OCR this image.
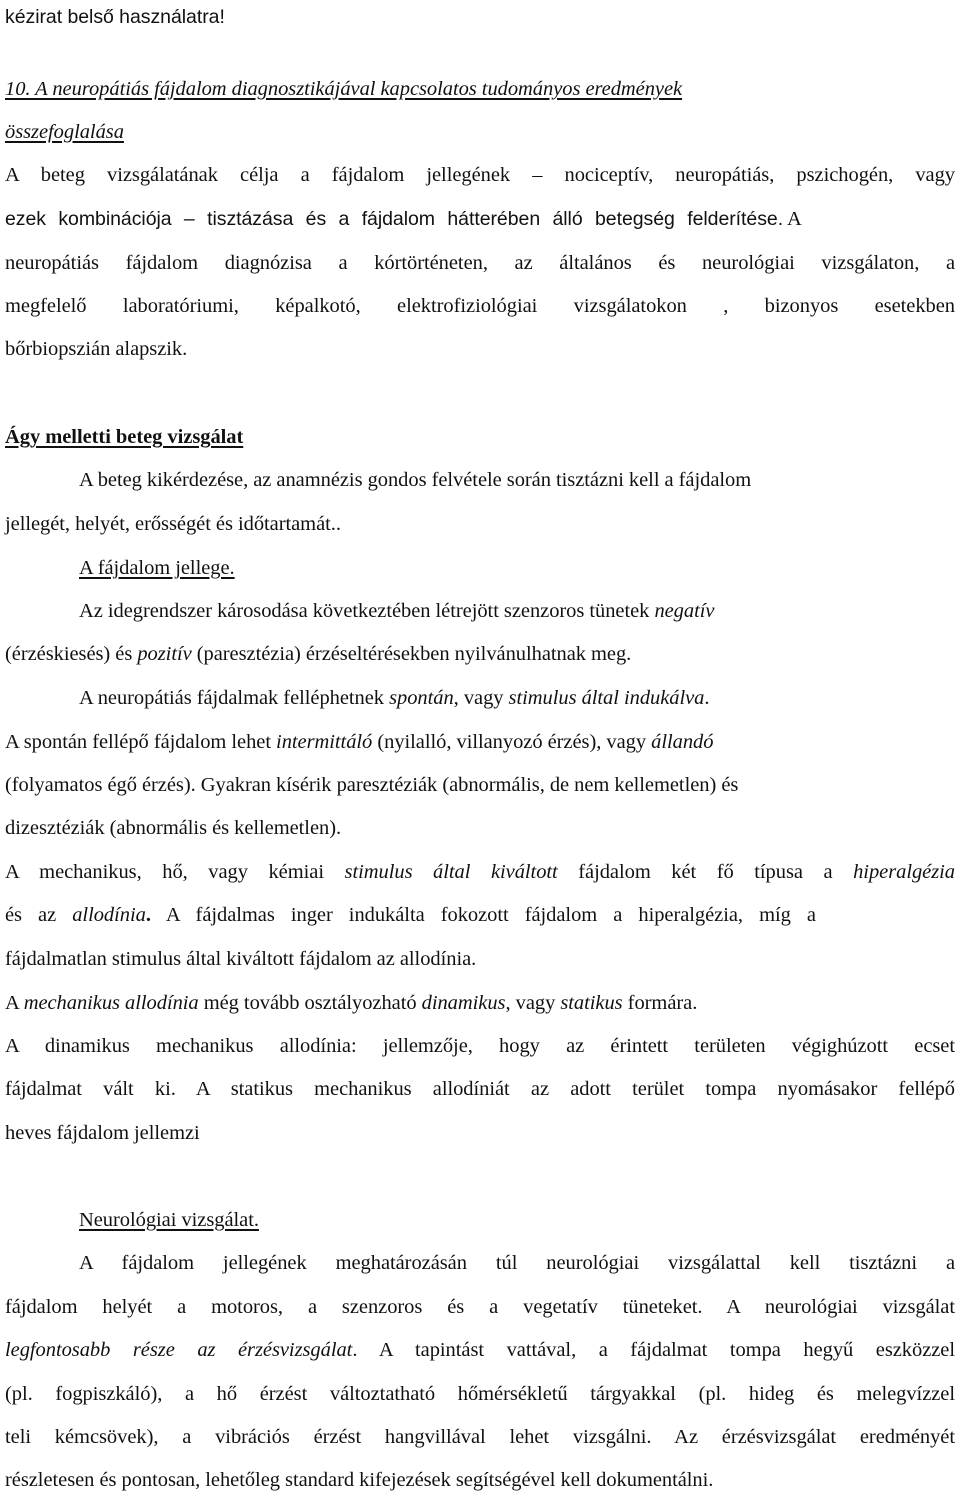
kézirat belső használatra!
10. A neuropátiás fájdalom diagnosztikájával kapcsolatos tudományos eredmények
összefoglalása
A beteg vizsgálatának célja a fájdalom jellegének – nociceptív, neuropátiás, pszichogén, vagy
ezek kombinációja – tisztázása és a fájdalom hátterében álló betegség felderítése. A
neuropátiás fájdalom diagnózisa a kórtörténeten, az általános és neurológiai vizsgálaton, a
megfelelő laboratóriumi, képalkotó, elektrofiziológiai vizsgálatokon , bizonyos esetekben
bőrbiopszián alapszik.
Ágy melletti beteg vizsgálat
A beteg kikérdezése, az anamnézis gondos felvétele során tisztázni kell a fájdalom
jellegét, helyét, erősségét és időtartamát..
A fájdalom jellege.
Az idegrendszer károsodása következtében létrejött szenzoros tünetek negatív
(érzéskiesés) és pozitív (paresztézia) érzéseltérésekben nyilvánulhatnak meg.
A neuropátiás fájdalmak felléphetnek spontán, vagy stimulus által indukálva.
A spontán fellépő fájdalom lehet intermittáló (nyilalló, villanyozó érzés), vagy állandó
(folyamatos égő érzés). Gyakran kísérik paresztéziák (abnormális, de nem kellemetlen) és
dizesztéziák (abnormális és kellemetlen).
A mechanikus, hő, vagy kémiai stimulus által kiváltott fájdalom két fő típusa a hiperalgézia
és az allodínia. A fájdalmas inger indukálta fokozott fájdalom a hiperalgézia, míg a
fájdalmatlan stimulus által kiváltott fájdalom az allodínia.
A mechanikus allodínia még tovább osztályozható dinamikus, vagy statikus formára.
A dinamikus mechanikus allodínia: jellemzője, hogy az érintett területen végighúzott ecset
fájdalmat vált ki. A statikus mechanikus allodíniát az adott terület tompa nyomásakor fellépő
heves fájdalom jellemzi
Neurológiai vizsgálat.
A fájdalom jellegének meghatározásán túl neurológiai vizsgálattal kell tisztázni a
fájdalom helyét a motoros, a szenzoros és a vegetatív tüneteket. A neurológiai vizsgálat
legfontosabb része az érzésvizsgálat. A tapintást vattával, a fájdalmat tompa hegyű eszközzel
(pl. fogpiszkáló), a hő érzést változtatható hőmérsékletű tárgyakkal (pl. hideg és melegvízzel
teli kémcsövek), a vibrációs érzést hangvillával lehet vizsgálni. Az érzésvizsgálat eredményét
részletesen és pontosan, lehetőleg standard kifejezések segítségével kell dokumentálni.
